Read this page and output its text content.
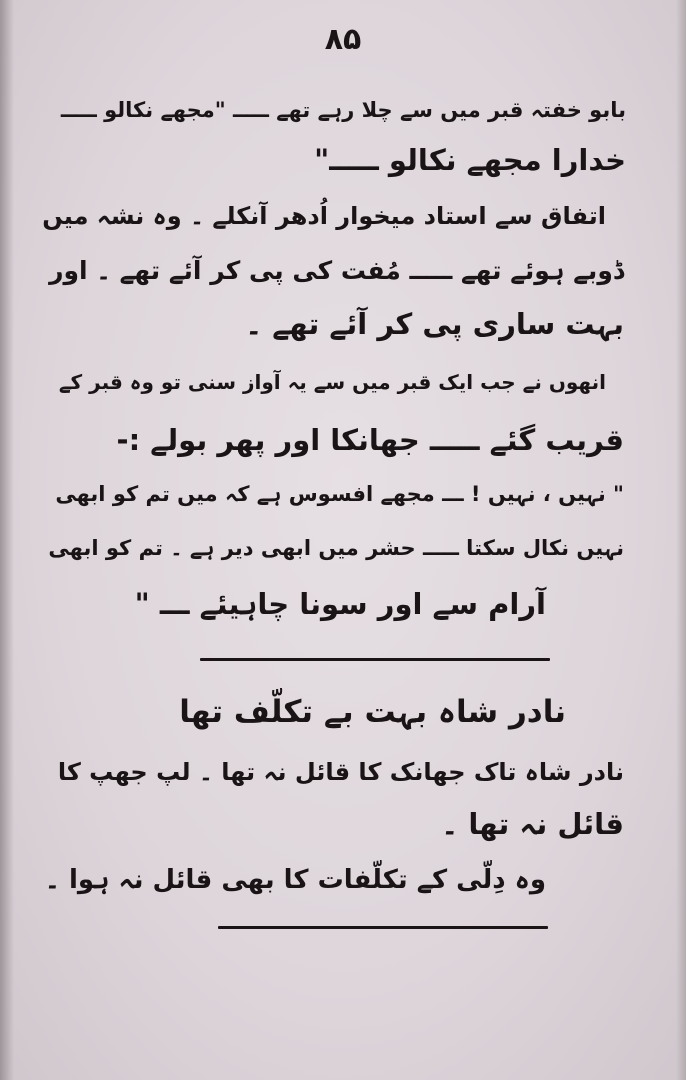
۸۵
بابو خفتہ قبر میں سے چلا رہے تھے ـــــ "مجھے نکالو ـــــ
خدارا مجھے نکالو ـــــ"
اتفاق سے استاد میخوار اُدھر آنکلے ۔ وہ نشہ میں
ڈوبے ہوئے تھے ـــــ مُفت کی پی کر آئے تھے ۔ اور
بہت ساری پی کر آئے تھے ۔
انھوں نے جب ایک قبر میں سے یہ آواز سنی تو وہ قبر کے
قریب گئے ـــــ جھانکا اور پھر بولے :-
" نہیں ، نہیں ! ـــ مجھے افسوس ہے کہ میں تم کو ابھی
نہیں نکال سکتا ـــــ حشر میں ابھی دیر ہے ۔ تم کو ابھی
آرام سے اور سونا چاہیئے ـــ "
نادر شاہ بہت بے تکلّف تھا
نادر شاہ تاک جھانک کا قائل نہ تھا ۔ لپ جھپ کا
قائل نہ تھا ۔
وہ دِلّی کے تکلّفات کا بھی قائل نہ ہوا ۔
